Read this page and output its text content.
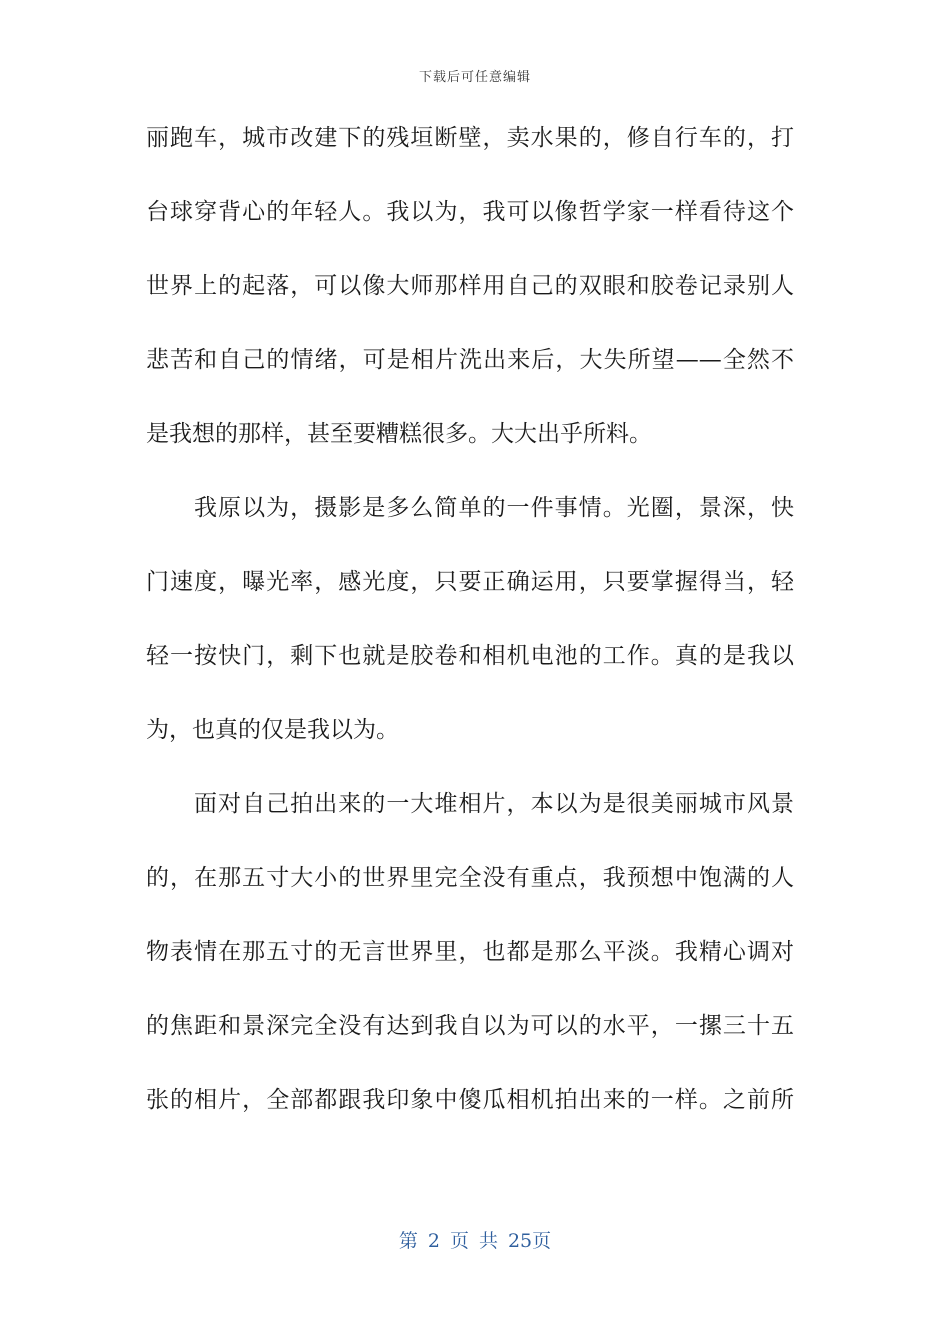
下载后可任意编辑
丽跑车，城市改建下的残垣断壁，卖水果的，修自行车的，打
台球穿背心的年轻人。我以为，我可以像哲学家一样看待这个
世界上的起落，可以像大师那样用自己的双眼和胶卷记录别人
悲苦和自己的情绪，可是相片洗出来后，大失所望——全然不
是我想的那样，甚至要糟糕很多。大大出乎所料。
我原以为，摄影是多么简单的一件事情。光圈，景深，快
门速度，曝光率，感光度，只要正确运用，只要掌握得当，轻
轻一按快门，剩下也就是胶卷和相机电池的工作。真的是我以
为，也真的仅是我以为。
面对自己拍出来的一大堆相片，本以为是很美丽城市风景
的，在那五寸大小的世界里完全没有重点，我预想中饱满的人
物表情在那五寸的无言世界里，也都是那么平淡。我精心调对
的焦距和景深完全没有达到我自以为可以的水平，一摞三十五
张的相片，全部都跟我印象中傻瓜相机拍出来的一样。之前所
第 2 页 共 25页
